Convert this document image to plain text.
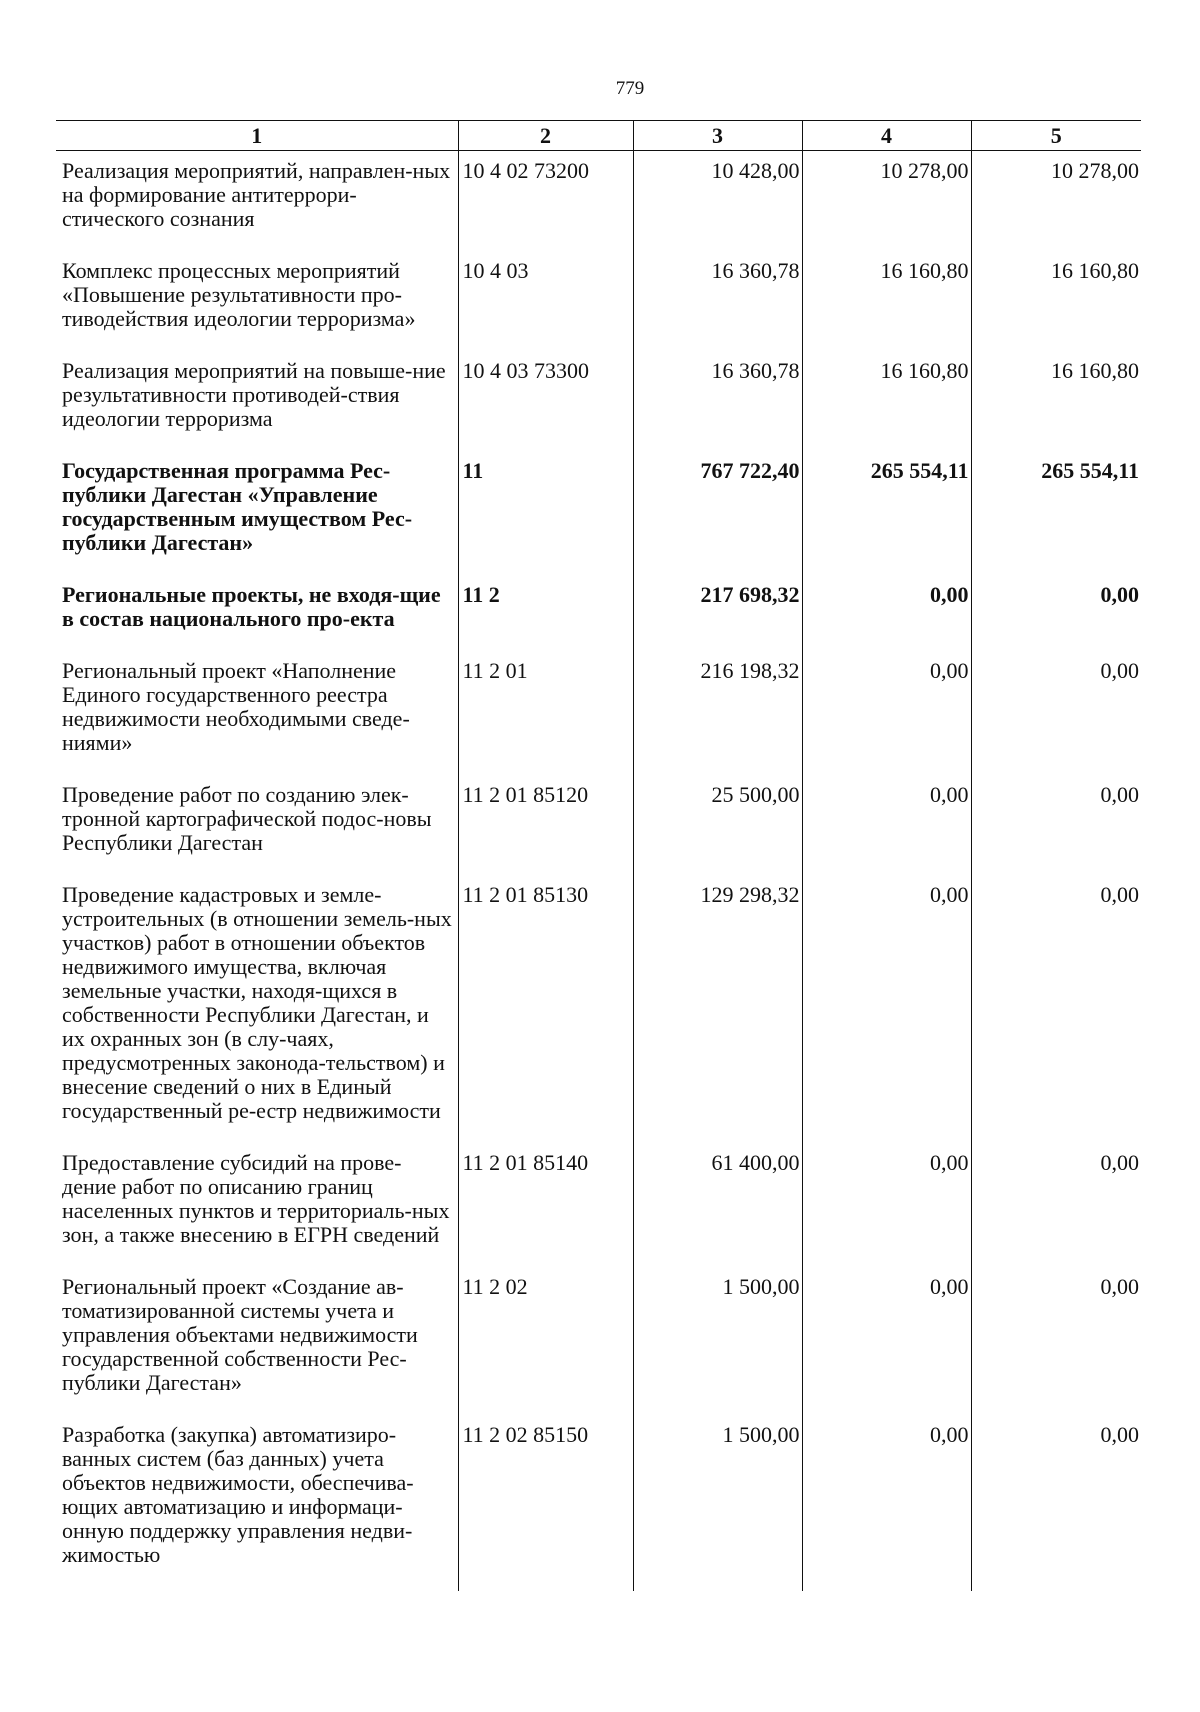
779
1	2	3	4	5
Реализация мероприятий, направлен-ных на формирование антитеррори-стического сознания	10 4 02 73200	10 428,00	10 278,00	10 278,00
Комплекс процессных мероприятий «Повышение результативности про-тиводействия идеологии терроризма»	10 4 03	16 360,78	16 160,80	16 160,80
Реализация мероприятий на повыше-ние результативности противодей-ствия идеологии терроризма	10 4 03 73300	16 360,78	16 160,80	16 160,80
Государственная программа Рес-публики Дагестан «Управление государственным имуществом Рес-публики Дагестан»	11	767 722,40	265 554,11	265 554,11
Региональные проекты, не входя-щие в состав национального про-екта	11 2	217 698,32	0,00	0,00
Региональный проект «Наполнение Единого государственного реестра недвижимости необходимыми сведе-ниями»	11 2 01	216 198,32	0,00	0,00
Проведение работ по созданию элек-тронной картографической подос-новы Республики Дагестан	11 2 01 85120	25 500,00	0,00	0,00
Проведение кадастровых и земле-устроительных (в отношении земель-ных участков) работ в отношении объектов недвижимого имущества, включая земельные участки, находя-щихся в собственности Республики Дагестан, и их охранных зон (в слу-чаях, предусмотренных законода-тельством) и внесение сведений о них в Единый государственный ре-естр недвижимости	11 2 01 85130	129 298,32	0,00	0,00
Предоставление субсидий на прове-дение работ по описанию границ населенных пунктов и территориаль-ных зон, а также внесению в ЕГРН сведений	11 2 01 85140	61 400,00	0,00	0,00
Региональный проект «Создание ав-томатизированной системы учета и управления объектами недвижимости государственной собственности Рес-публики Дагестан»	11 2 02	1 500,00	0,00	0,00
Разработка (закупка) автоматизиро-ванных систем (баз данных) учета объектов недвижимости, обеспечива-ющих автоматизацию и информаци-онную поддержку управления недви-жимостью	11 2 02 85150	1 500,00	0,00	0,00
